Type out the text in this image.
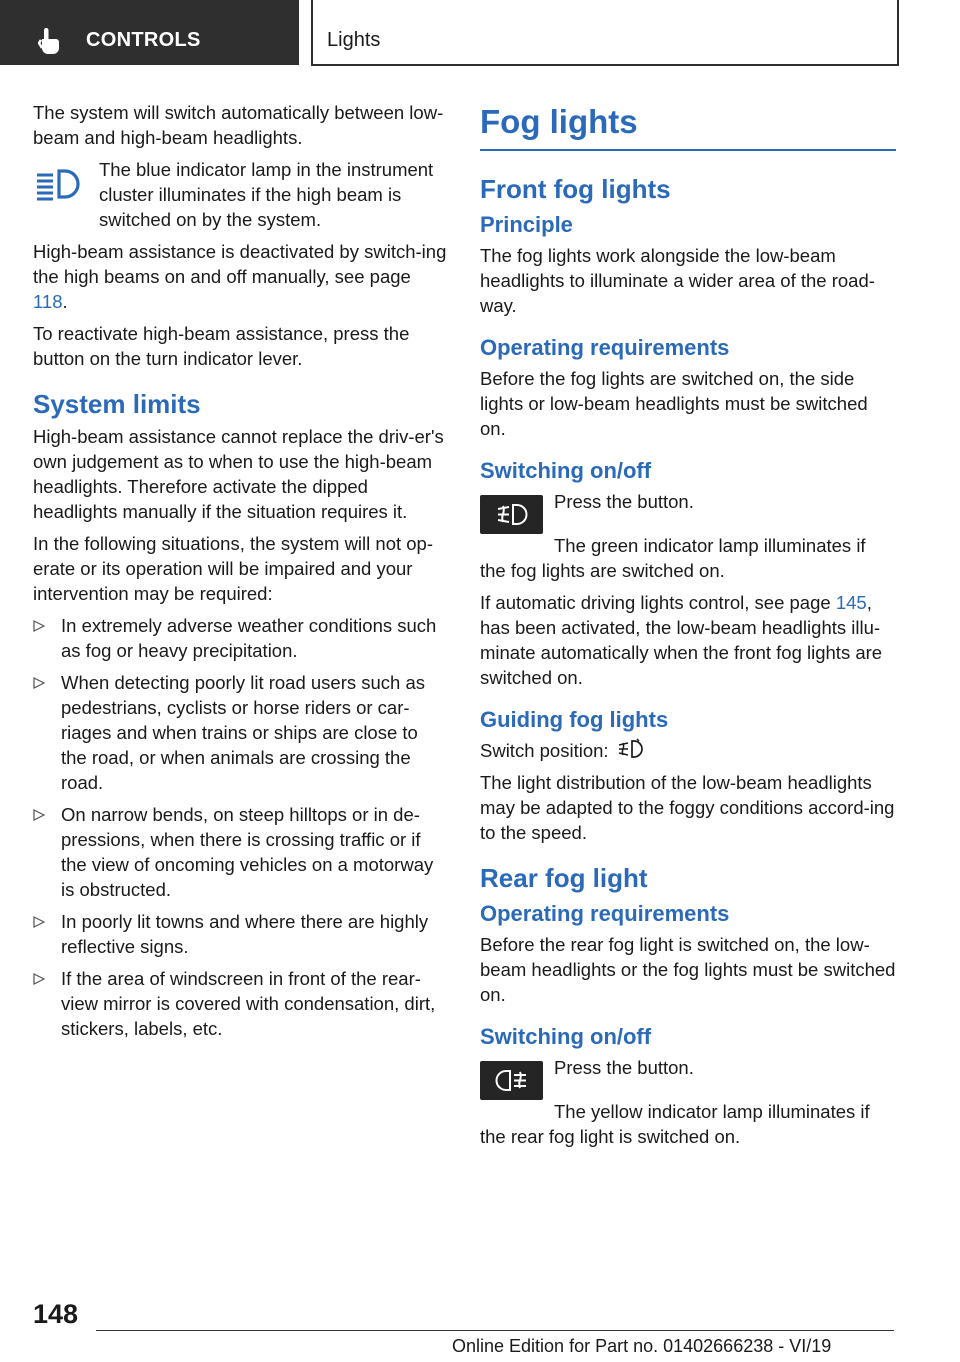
CONTROLS	Lights

The system will switch automatically between low-beam and high-beam headlights.

The blue indicator lamp in the instrument cluster illuminates if the high beam is switched on by the system.

High-beam assistance is deactivated by switch-ing the high beams on and off manually, see page 118.

To reactivate high-beam assistance, press the button on the turn indicator lever.

System limits

High-beam assistance cannot replace the driv-er's own judgement as to when to use the high-beam headlights. Therefore activate the dipped headlights manually if the situation requires it.

In the following situations, the system will not op-erate or its operation will be impaired and your intervention may be required:

In extremely adverse weather conditions such as fog or heavy precipitation.
When detecting poorly lit road users such as pedestrians, cyclists or horse riders or car-riages and when trains or ships are close to the road, or when animals are crossing the road.
On narrow bends, on steep hilltops or in de-pressions, when there is crossing traffic or if the view of oncoming vehicles on a motorway is obstructed.
In poorly lit towns and where there are highly reflective signs.
If the area of windscreen in front of the rear-view mirror is covered with condensation, dirt, stickers, labels, etc.
Fog lights
Front fog lights
Principle

The fog lights work alongside the low-beam headlights to illuminate a wider area of the road-way.

Operating requirements

Before the fog lights are switched on, the side lights or low-beam headlights must be switched on.

Switching on/off

Press the button.

The green indicator lamp illuminates if the fog lights are switched on.

If automatic driving lights control, see page 145, has been activated, the low-beam headlights illu-minate automatically when the front fog lights are switched on.

Guiding fog lights

Switch position:

The light distribution of the low-beam headlights may be adapted to the foggy conditions accord-ing to the speed.

Rear fog light
Operating requirements

Before the rear fog light is switched on, the low-beam headlights or the fog lights must be switched on.

Switching on/off

Press the button.

The yellow indicator lamp illuminates if the rear fog light is switched on.

148
Online Edition for Part no. 01402666238 - VI/19
